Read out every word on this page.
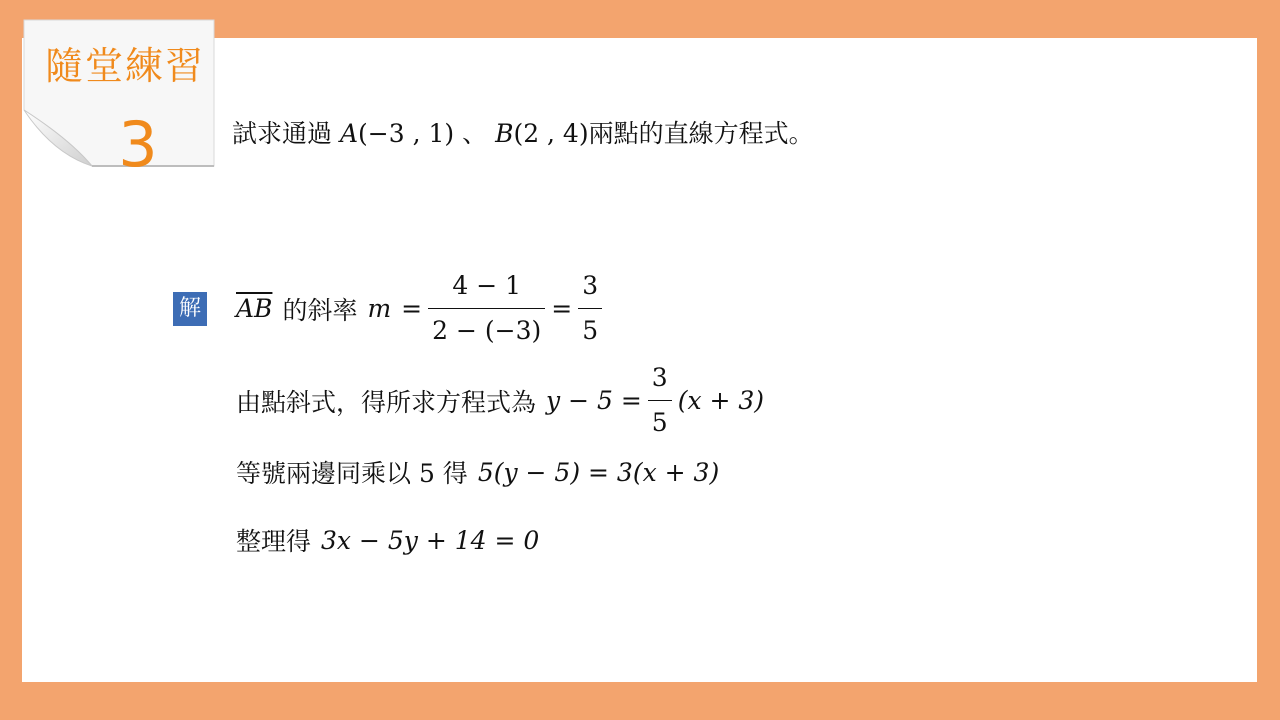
隨堂練習
3	試求通過 A(−3 , 1) 、 B(2 , 4)兩點的直線方程式。
解 $\overline{AB}$ 的斜率 $m = \frac{4 - 1}{2 - (-3)} = \frac{3}{5}$
由點斜式，得所求方程式為 $y - 5 = \frac{3}{5} (x + 3)$
等號兩邊同乘以 5 得 5(y − 5) = 3(x + 3)
整理得 3x − 5y + 14 = 0
